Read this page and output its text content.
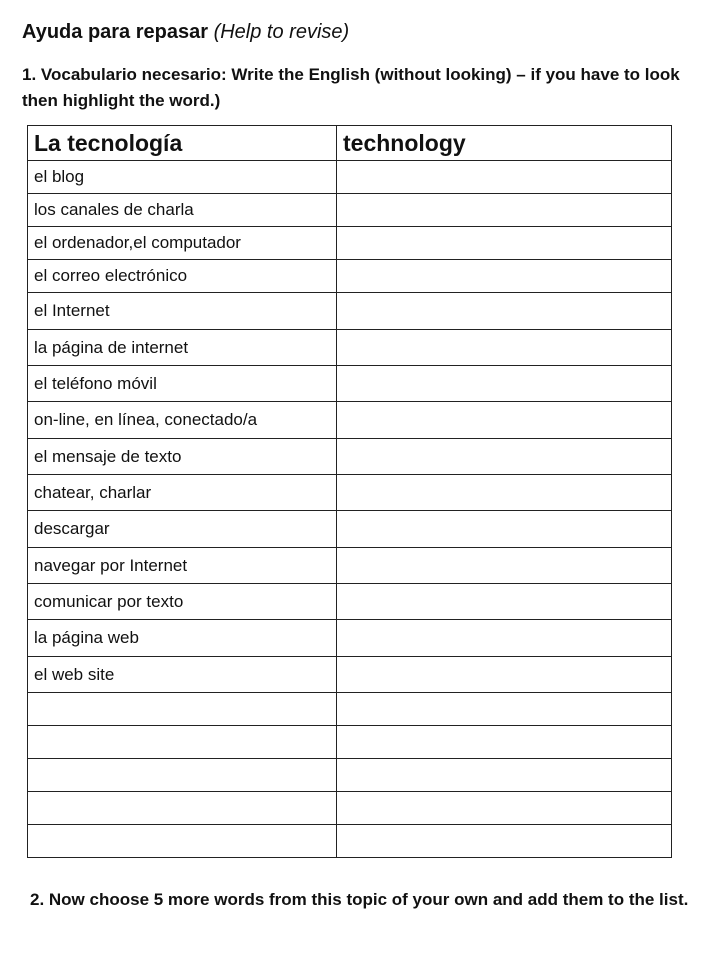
Ayuda para repasar (Help to revise)
1. Vocabulario necesario: Write the English (without looking) – if you have to look then highlight the word.)
La tecnología	technology
el blog	
los canales de charla	
el ordenador,el computador	
el correo electrónico	
el Internet	
la página de internet	
el teléfono móvil	
on-line, en línea, conectado/a	
el mensaje de texto	
chatear, charlar	
descargar	
navegar por Internet	
comunicar por texto	
la página web	
el web site	

2. Now choose 5 more words from this topic of your own and add them to the list.
